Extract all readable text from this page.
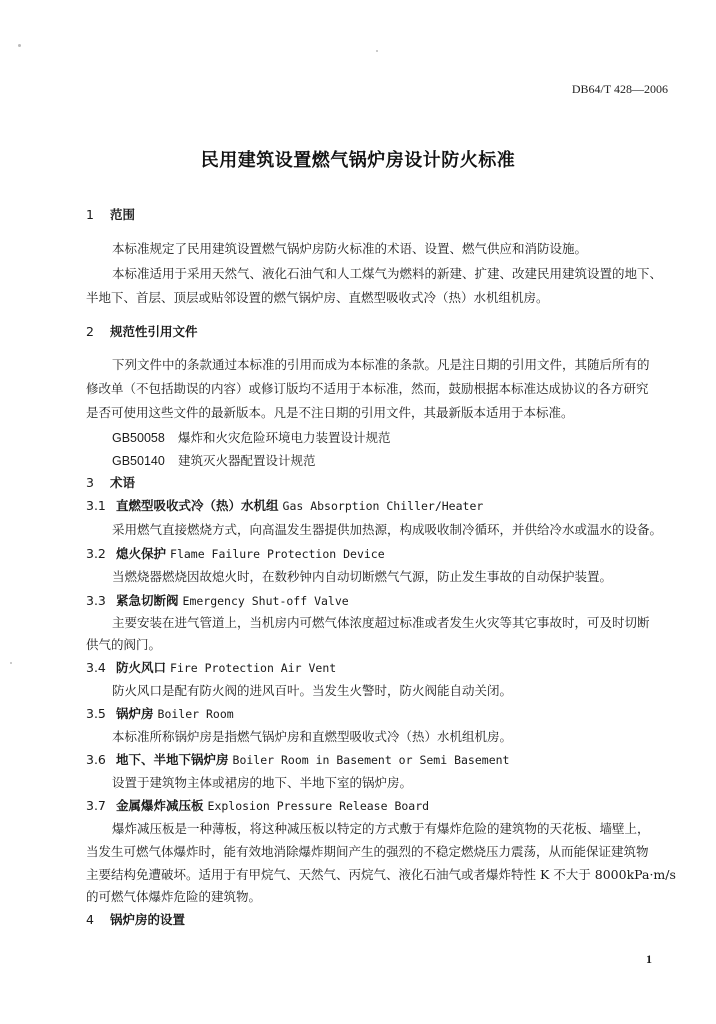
DB64/T 428—2006
民用建筑设置燃气锅炉房设计防火标准
1 范围
本标准规定了民用建筑设置燃气锅炉房防火标准的术语、设置、燃气供应和消防设施。
本标准适用于采用天然气、液化石油气和人工煤气为燃料的新建、扩建、改建民用建筑设置的地下、
半地下、首层、顶层或贴邻设置的燃气锅炉房、直燃型吸收式冷（热）水机组机房。
2 规范性引用文件
下列文件中的条款通过本标准的引用而成为本标准的条款。凡是注日期的引用文件，其随后所有的
修改单（不包括勘误的内容）或修订版均不适用于本标准，然而，鼓励根据本标准达成协议的各方研究
是否可使用这些文件的最新版本。凡是不注日期的引用文件，其最新版本适用于本标准。
GB50058 爆炸和火灾危险环境电力装置设计规范
GB50140 建筑灭火器配置设计规范
3 术语
3.1 直燃型吸收式冷（热）水机组 Gas Absorption Chiller/Heater
采用燃气直接燃烧方式，向高温发生器提供加热源，构成吸收制冷循环，并供给冷水或温水的设备。
3.2 熄火保护 Flame Failure Protection Device
当燃烧器燃烧因故熄火时，在数秒钟内自动切断燃气气源，防止发生事故的自动保护装置。
3.3 紧急切断阀 Emergency Shut-off Valve
主要安装在进气管道上，当机房内可燃气体浓度超过标准或者发生火灾等其它事故时，可及时切断
供气的阀门。
3.4 防火风口 Fire Protection Air Vent
防火风口是配有防火阀的进风百叶。当发生火警时，防火阀能自动关闭。
3.5 锅炉房 Boiler Room
本标准所称锅炉房是指燃气锅炉房和直燃型吸收式冷（热）水机组机房。
3.6 地下、半地下锅炉房 Boiler Room in Basement or Semi Basement
设置于建筑物主体或裙房的地下、半地下室的锅炉房。
3.7 金属爆炸减压板 Explosion Pressure Release Board
爆炸减压板是一种薄板，将这种减压板以特定的方式敷于有爆炸危险的建筑物的天花板、墙壁上，
当发生可燃气体爆炸时，能有效地消除爆炸期间产生的强烈的不稳定燃烧压力震荡，从而能保证建筑物
主要结构免遭破坏。适用于有甲烷气、天然气、丙烷气、液化石油气或者爆炸特性 K 不大于 8000kPa·m/s
的可燃气体爆炸危险的建筑物。
4 锅炉房的设置
1
